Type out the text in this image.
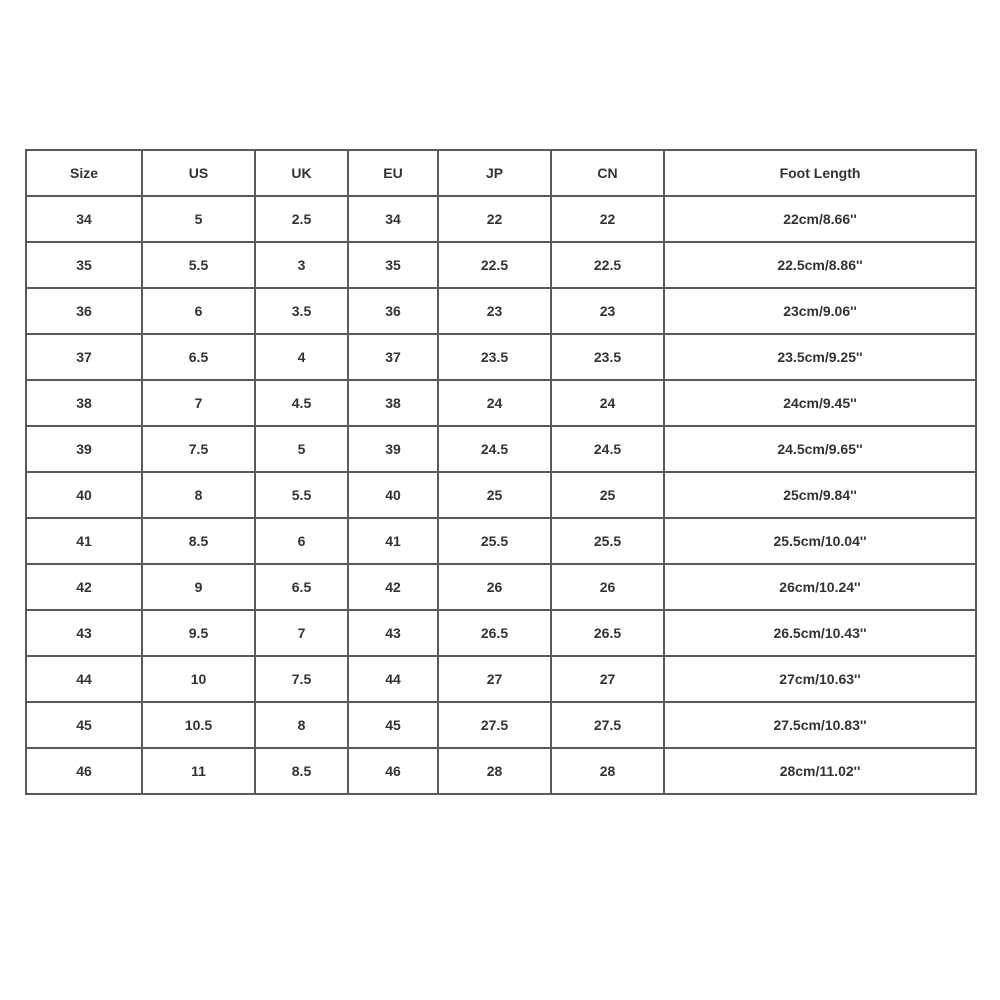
Size	US	UK	EU	JP	CN	Foot Length
34	5	2.5	34	22	22	22cm/8.66''
35	5.5	3	35	22.5	22.5	22.5cm/8.86''
36	6	3.5	36	23	23	23cm/9.06''
37	6.5	4	37	23.5	23.5	23.5cm/9.25''
38	7	4.5	38	24	24	24cm/9.45''
39	7.5	5	39	24.5	24.5	24.5cm/9.65''
40	8	5.5	40	25	25	25cm/9.84''
41	8.5	6	41	25.5	25.5	25.5cm/10.04''
42	9	6.5	42	26	26	26cm/10.24''
43	9.5	7	43	26.5	26.5	26.5cm/10.43''
44	10	7.5	44	27	27	27cm/10.63''
45	10.5	8	45	27.5	27.5	27.5cm/10.83''
46	11	8.5	46	28	28	28cm/11.02''
